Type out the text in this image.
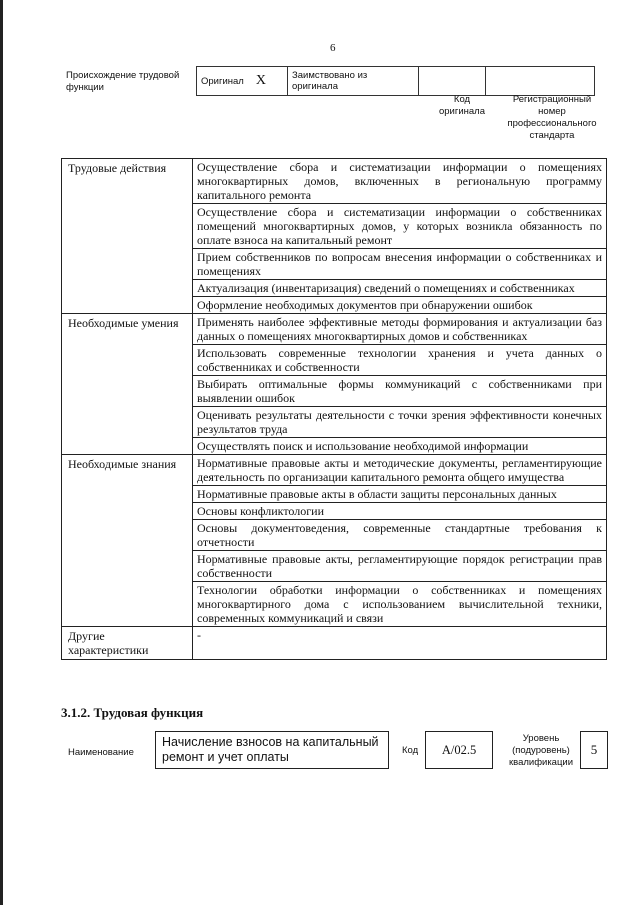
6
Происхождение трудовой функции
Оригинал X	Заимствовано из оригинала		
Код оригинала
Регистрационный номер профессионального стандарта
Трудовые действия	Осуществление сбора и систематизации информации о помещениях многоквартирных домов, включенных в региональную программу капитального ремонта
	Осуществление сбора и систематизации информации о собственниках помещений многоквартирных домов, у которых возникла обязанность по оплате взноса на капитальный ремонт
	Прием собственников по вопросам внесения информации о собственниках и помещениях
	Актуализация (инвентаризация) сведений о помещениях и собственниках
	Оформление необходимых документов при обнаружении ошибок
Необходимые умения	Применять наиболее эффективные методы формирования и актуализации баз данных о помещениях многоквартирных домов и собственниках
	Использовать современные технологии хранения и учета данных о собственниках и собственности
	Выбирать оптимальные формы коммуникаций с собственниками при выявлении ошибок
	Оценивать результаты деятельности с точки зрения эффективности конечных результатов труда
	Осуществлять поиск и использование необходимой информации
Необходимые знания	Нормативные правовые акты и методические документы, регламентирующие деятельность по организации капитального ремонта общего имущества
	Нормативные правовые акты в области защиты персональных данных
	Основы конфликтологии
	Основы документоведения, современные стандартные требования к отчетности
	Нормативные правовые акты, регламентирующие порядок регистрации прав собственности
	Технологии обработки информации о собственниках и помещениях многоквартирного дома с использованием вычислительной техники, современных коммуникаций и связи
Другие характеристики	-
3.1.2. Трудовая функция
Наименование
Начисление взносов на капитальный ремонт и учет оплаты	Код	A/02.5
Уровень (подуровень) квалификации
5
